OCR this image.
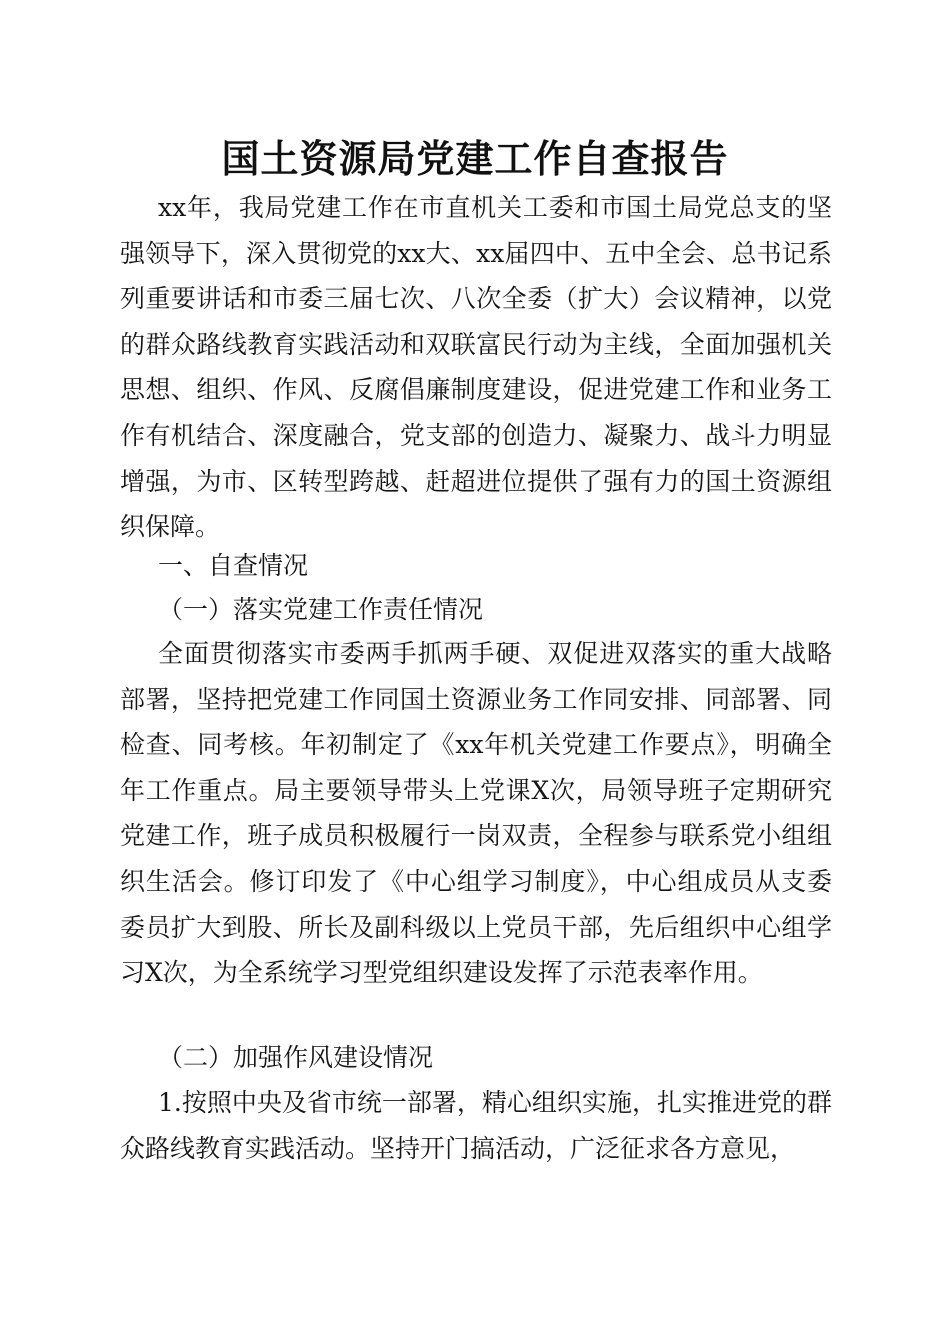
国土资源局党建工作自查报告
xx年，我局党建工作在市直机关工委和市国土局党总支的坚强领导下，深入贯彻党的xx大、xx届四中、五中全会、总书记系列重要讲话和市委三届七次、八次全委（扩大）会议精神，以党的群众路线教育实践活动和双联富民行动为主线，全面加强机关思想、组织、作风、反腐倡廉制度建设，促进党建工作和业务工作有机结合、深度融合，党支部的创造力、凝聚力、战斗力明显增强，为市、区转型跨越、赶超进位提供了强有力的国土资源组织保障。
一、自查情况
（一）落实党建工作责任情况
全面贯彻落实市委两手抓两手硬、双促进双落实的重大战略部署，坚持把党建工作同国土资源业务工作同安排、同部署、同检查、同考核。年初制定了《xx年机关党建工作要点》，明确全年工作重点。局主要领导带头上党课X次，局领导班子定期研究党建工作，班子成员积极履行一岗双责，全程参与联系党小组组织生活会。修订印发了《中心组学习制度》，中心组成员从支委委员扩大到股、所长及副科级以上党员干部，先后组织中心组学习X次，为全系统学习型党组织建设发挥了示范表率作用。
（二）加强作风建设情况
1.按照中央及省市统一部署，精心组织实施，扎实推进党的群众路线教育实践活动。坚持开门搞活动，广泛征求各方意见，
